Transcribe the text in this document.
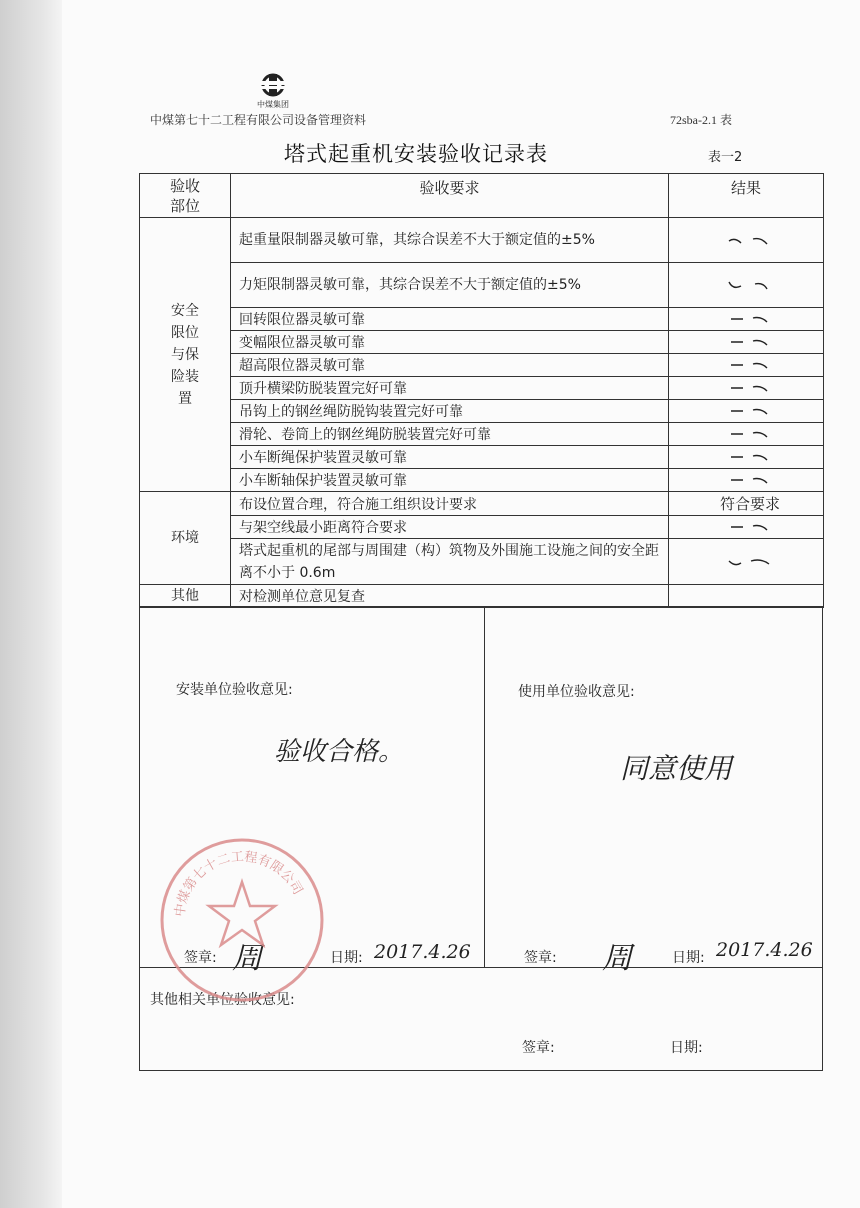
中煤集团
中煤第七十二工程有限公司设备管理资料	72sba-2.1 表
塔式起重机安装验收记录表	表一2
验收部位	验收要求	结果
安全限位与保险装置	起重量限制器灵敏可靠，其综合误差不大于额定值的±5%	

	力矩限制器灵敏可靠，其综合误差不大于额定值的±5%	

	回转限位器灵敏可靠	

	变幅限位器灵敏可靠	

	超高限位器灵敏可靠	

	顶升横梁防脱装置完好可靠	

	吊钩上的钢丝绳防脱钩装置完好可靠	

	滑轮、卷筒上的钢丝绳防脱装置完好可靠	

	小车断绳保护装置灵敏可靠	

	小车断轴保护装置灵敏可靠	

环境	布设位置合理，符合施工组织设计要求	符合要求
	与架空线最小距离符合要求	

	塔式起重机的尾部与周围建（构）筑物及外围施工设施之间的安全距离不小于 0.6m	

其他	对检测单位意见复查	
安装单位验收意见:
验收合格。
使用单位验收意见:
同意使用
签章: 周	日期: 2017.4.26	签章: 周	日期: 2017.4.26
其他相关单位验收意见:
签章:	日期:
中煤第七十二工程有限公司
